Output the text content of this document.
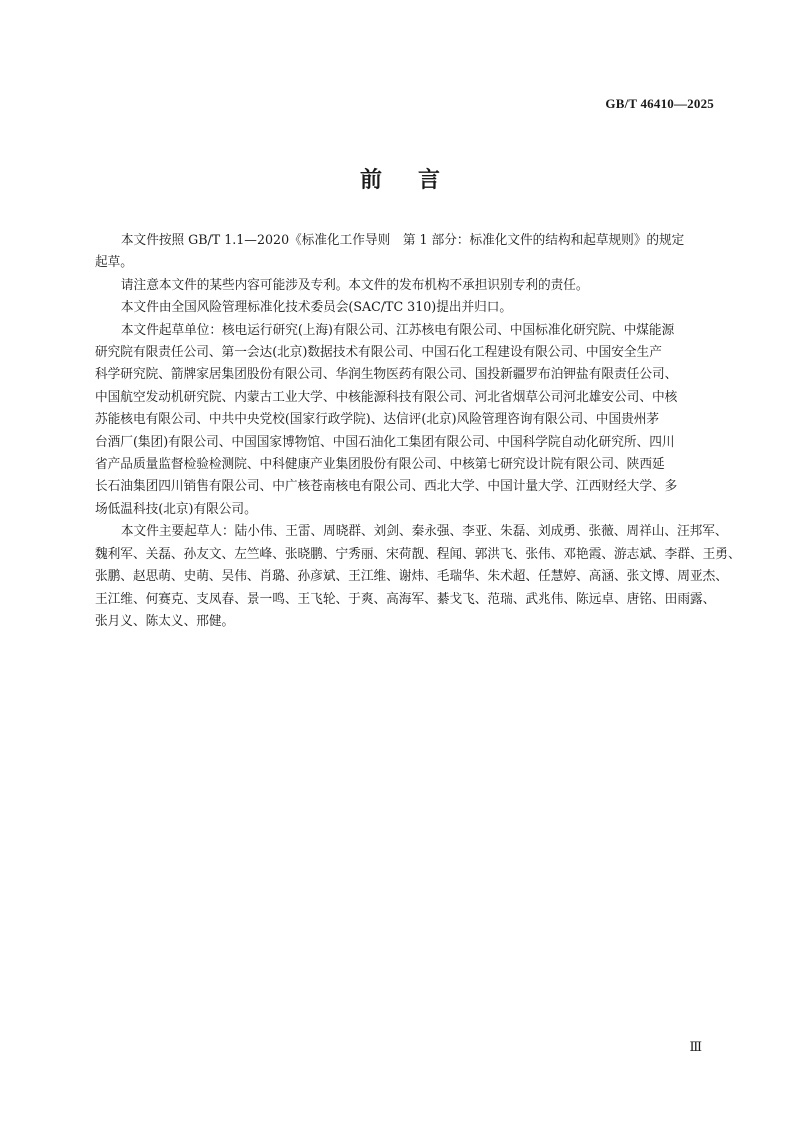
GB/T 46410—2025
前言

本文件按照 GB/T 1.1—2020《标准化工作导则　第 1 部分：标准化文件的结构和起草规则》的规定
起草。

请注意本文件的某些内容可能涉及专利。本文件的发布机构不承担识别专利的责任。

本文件由全国风险管理标准化技术委员会(SAC/TC 310)提出并归口。

本文件起草单位：核电运行研究(上海)有限公司、江苏核电有限公司、中国标准化研究院、中煤能源
研究院有限责任公司、第一会达(北京)数据技术有限公司、中国石化工程建设有限公司、中国安全生产
科学研究院、箭牌家居集团股份有限公司、华润生物医药有限公司、国投新疆罗布泊钾盐有限责任公司、
中国航空发动机研究院、内蒙古工业大学、中核能源科技有限公司、河北省烟草公司河北雄安公司、中核
苏能核电有限公司、中共中央党校(国家行政学院)、达信评(北京)风险管理咨询有限公司、中国贵州茅
台酒厂(集团)有限公司、中国国家博物馆、中国石油化工集团有限公司、中国科学院自动化研究所、四川
省产品质量监督检验检测院、中科健康产业集团股份有限公司、中核第七研究设计院有限公司、陕西延
长石油集团四川销售有限公司、中广核苍南核电有限公司、西北大学、中国计量大学、江西财经大学、多
场低温科技(北京)有限公司。

本文件主要起草人：陆小伟、王雷、周晓群、刘剑、秦永强、李亚、朱磊、刘成勇、张薇、周祥山、汪邦军、
魏利军、关磊、孙友文、左竺峰、张晓鹏、宁秀丽、宋荷靓、程闻、郭洪飞、张伟、邓艳霞、游志斌、李群、王勇、
张鹏、赵思萌、史萌、吴伟、肖璐、孙彦斌、王江维、谢炜、毛瑞华、朱术超、任慧婷、高涵、张文博、周亚杰、
王江维、何赛克、支凤春、景一鸣、王飞轮、于爽、高海军、綦戈飞、范瑞、武兆伟、陈远卓、唐铭、田雨露、
张月义、陈太义、邢健。

Ⅲ
